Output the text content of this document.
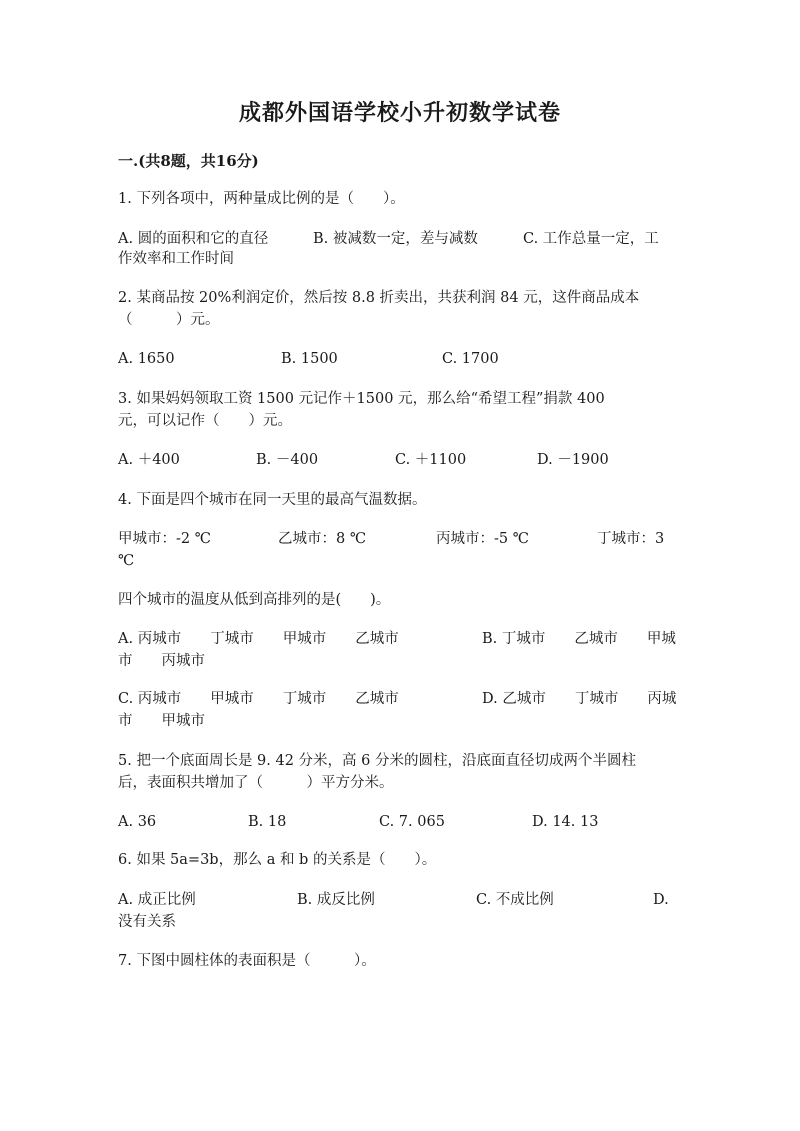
成都外国语学校小升初数学试卷
一.(共8题，共16分)
1. 下列各项中，两种量成比例的是（　　）。
A. 圆的面积和它的直径	B. 被减数一定，差与减数	C. 工作总量一定，工
作效率和工作时间
2. 某商品按 20%利润定价，然后按 8.8 折卖出，共获利润 84 元，这件商品成本
（　　　）元。
A. 1650	B. 1500	C. 1700
3. 如果妈妈领取工资 1500 元记作＋1500 元，那么给“希望工程”捐款 400
元，可以记作（　　）元。
A. ＋400	B. －400	C. ＋1100	D. －1900
4. 下面是四个城市在同一天里的最高气温数据。
甲城市：-2 ℃	乙城市：8 ℃	丙城市：-5 ℃	丁城市：3
℃
四个城市的温度从低到高排列的是(　　)。
A. 丙城市　　丁城市　　甲城市　　乙城市	B. 丁城市　　乙城市　　甲城
市　　丙城市
C. 丙城市　　甲城市　　丁城市　　乙城市	D. 乙城市　　丁城市　　丙城
市　　甲城市
5. 把一个底面周长是 9. 42 分米，高 6 分米的圆柱，沿底面直径切成两个半圆柱
后，表面积共增加了（　　　）平方分米。
A. 36	B. 18	C. 7. 065	D. 14. 13
6. 如果 5a=3b，那么 a 和 b 的关系是（　　）。
A. 成正比例	B. 成反比例	C. 不成比例	D.
没有关系
7. 下图中圆柱体的表面积是（　　　）。
